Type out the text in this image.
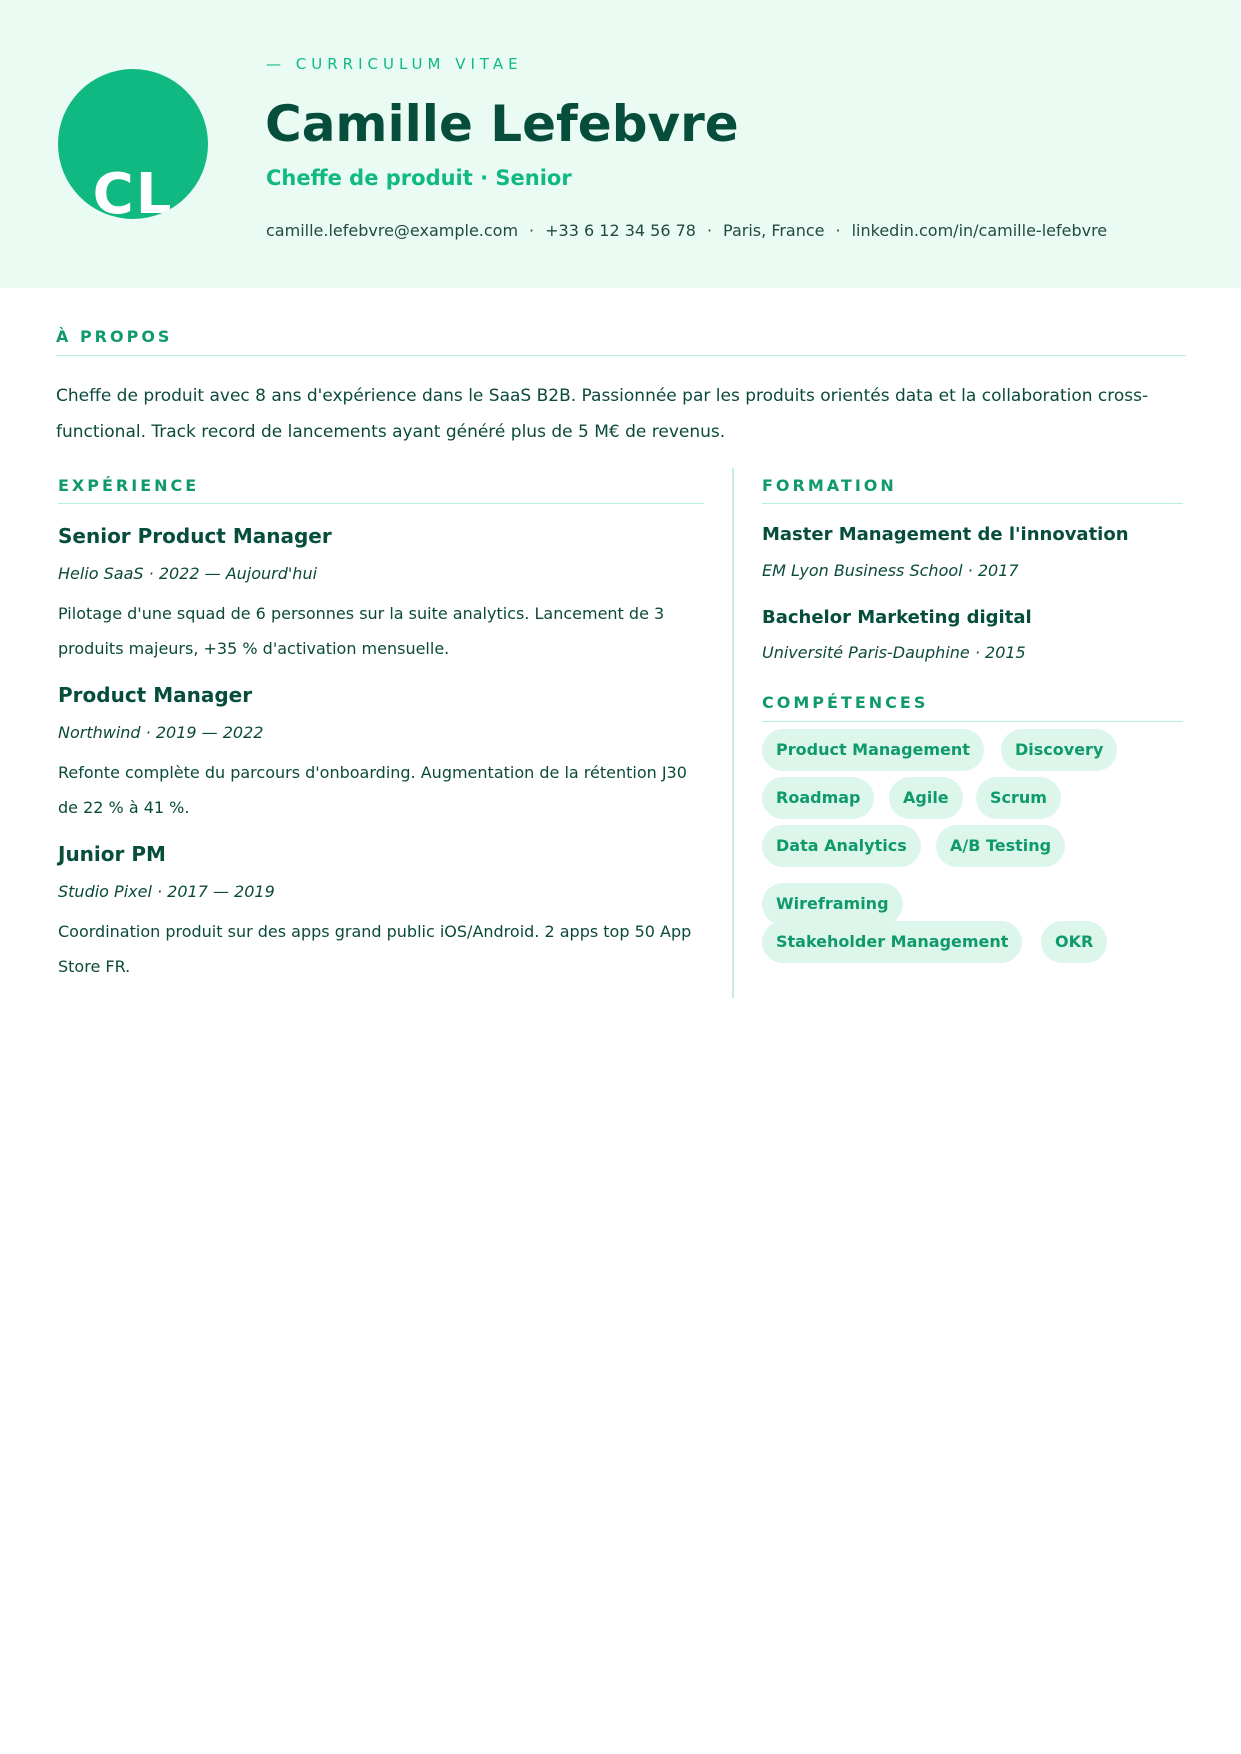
CL
— CURRICULUM VITAE
Camille Lefebvre
Cheffe de produit · Senior
camille.lefebvre@example.com · +33 6 12 34 56 78 · Paris, France · linkedin.com/in/camille-lefebvre
À PROPOS
Cheffe de produit avec 8 ans d'expérience dans le SaaS B2B. Passionnée par les produits orientés data et la collaboration cross-functional. Track record de lancements ayant généré plus de 5 M€ de revenus.
EXPÉRIENCE
Senior Product Manager
Helio SaaS · 2022 — Aujourd'hui
Pilotage d'une squad de 6 personnes sur la suite analytics. Lancement de 3 produits majeurs, +35 % d'activation mensuelle.
Product Manager
Northwind · 2019 — 2022
Refonte complète du parcours d'onboarding. Augmentation de la rétention J30 de 22 % à 41 %.
Junior PM
Studio Pixel · 2017 — 2019
Coordination produit sur des apps grand public iOS/Android. 2 apps top 50 App Store FR.
FORMATION
Master Management de l'innovation
EM Lyon Business School · 2017
Bachelor Marketing digital
Université Paris-Dauphine · 2015
COMPÉTENCES
Product Management	Discovery
Roadmap	Agile	Scrum
Data Analytics	A/B Testing
Wireframing
Stakeholder Management	OKR
